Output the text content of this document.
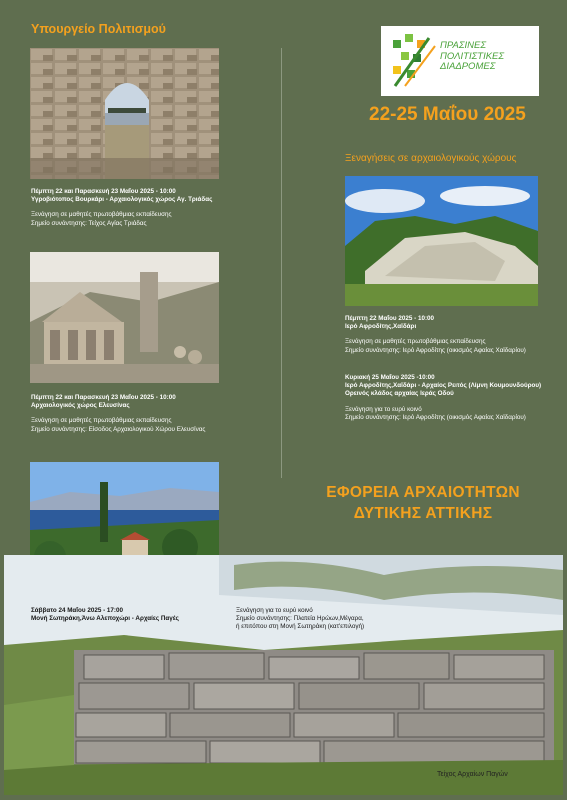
Υπουργείο Πολιτισμού
Πέμπτη 22 και Παρασκευή 23 Μαΐου 2025 - 10:00
Υγροβιότοπος Βουρκάρι - Αρχαιολογικός χώρος Αγ. Τριάδας
Ξενάγηση σε μαθητές πρωτοβάθμιας εκπαίδευσης
Σημείο συνάντησης: Τείχος Αγίας Τριάδας
Πέμπτη 22 και Παρασκευή 23 Μαΐου 2025 - 10:00
Αρχαιολογικός χώρος Ελευσίνας
Ξενάγηση σε μαθητές πρωτοβάθμιας εκπαίδευσης
Σημείο συνάντησης: Είσοδος Αρχαιολογικού Χώρου Ελευσίνας
ΠΡΑΣΙΝΕΣ
ΠΟΛΙΤΙΣΤΙΚΕΣ
ΔΙΑΔΡΟΜΕΣ
22-25 Μαΐου 2025
Ξεναγήσεις σε αρχαιολογικούς χώρους
Πέμπτη 22 Μαΐου 2025 - 10:00
Ιερό Αφροδίτης,Χαϊδάρι
Ξενάγηση σε μαθητές πρωτοβάθμιας εκπαίδευσης
Σημείο συνάντησης: Ιερό Αφροδίτης (οικισμός Αφαίας Χαϊδαρίου)
Κυριακή 25 Μαΐου 2025 -10:00
Ιερό Αφροδίτης,Χαϊδάρι - Αρχαίος Ρειτός (Λίμνη Κουμουνδούρου)
Ορεινός κλάδος αρχαίας Ιεράς Οδού
Ξενάγηση για το ευρύ κοινό
Σημείο συνάντησης: Ιερό Αφροδίτης (οικισμός Αφαίας Χαϊδαρίου)
ΕΦΟΡΕΙΑ ΑΡΧΑΙΟΤΗΤΩΝ
ΔΥΤΙΚΗΣ ΑΤΤΙΚΗΣ
Σάββατο 24 Μαΐου 2025 - 17:00
Μονή Σωτηράκη,Άνω Αλεποχώρι - Αρχαίες Παγές
Ξενάγηση για το ευρύ κοινό
Σημείο συνάντησης: Πλατεία Ηρώων,Μέγαρα,
ή επιτόπου στη Μονή Σωτηράκη (κατ'επιλογή)
Τείχος Αρχαίων Παγών
